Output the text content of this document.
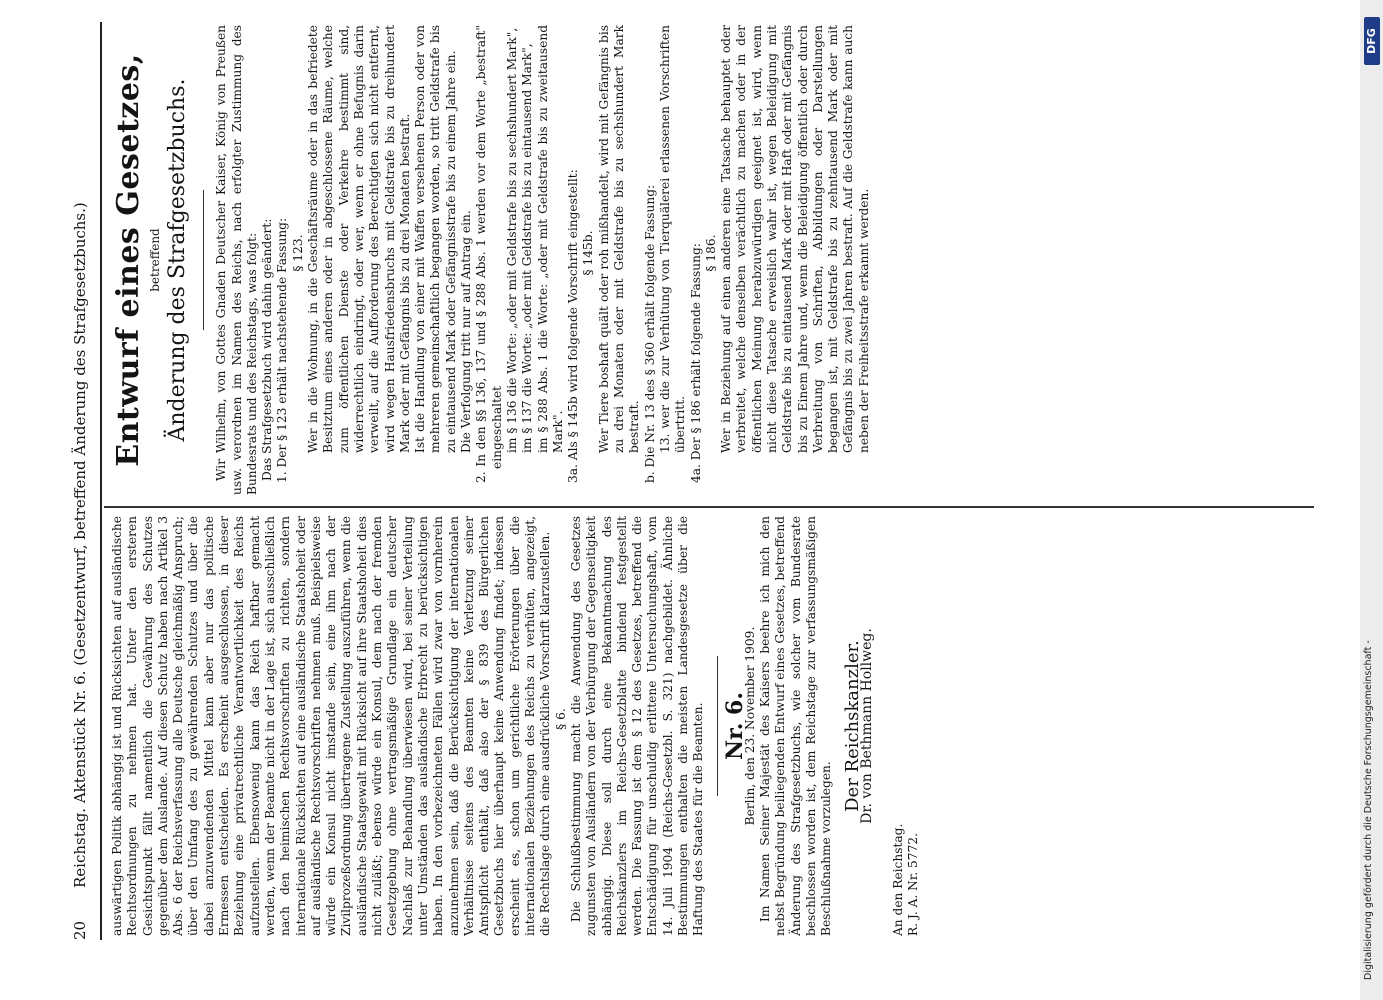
20
Reichstag. Aktenstück Nr. 6. (Gesetzentwurf, betreffend Änderung des Strafgesetzbuchs.) auswärtigen Politik abhängig ist und Rücksichten auf ausländische Rechtsordnungen zu nehmen hat. Unter den ersteren Gesichtspunkt fällt namentlich die Gewährung des Schutzes gegenüber dem Auslande. Auf diesen Schutz haben nach Artikel 3 Abs. 6 der Reichsverfassung alle Deutsche gleichmäßig Anspruch; über den Umfang des zu gewährenden Schutzes und über die dabei anzuwendenden Mittel kann aber nur das politische Ermessen entscheiden. Es erscheint ausgeschlossen, in dieser Beziehung eine privatrechtliche Verantwortlichkeit des Reichs aufzustellen. Ebensowenig kann das Reich haftbar gemacht werden, wenn der Beamte nicht in der Lage ist, sich ausschließlich nach den heimischen Rechtsvorschriften zu richten, sondern internationale Rücksichten auf eine ausländische Staatshoheit oder auf ausländische Rechtsvorschriften nehmen muß. Beispielsweise würde ein Konsul nicht imstande sein, eine ihm nach der Zivilprozeßordnung übertragene Zustellung auszuführen, wenn die ausländische Staatsgewalt mit Rücksicht auf ihre Staatshoheit dies nicht zuläßt; ebenso würde ein Konsul, dem nach der fremden Gesetzgebung ohne vertragsmäßige Grundlage ein deutscher Nachlaß zur Behandlung überwiesen wird, bei seiner Verteilung unter Umständen das ausländische Erbrecht zu berücksichtigen haben. In den vorbezeichneten Fällen wird zwar von vornherein anzunehmen sein, daß die Berücksichtigung der internationalen Verhältnisse seitens des Beamten keine Verletzung seiner Amtspflicht enthält, daß also der § 839 des Bürgerlichen Gesetzbuchs hier überhaupt keine Anwendung findet; indessen erscheint es, schon um gerichtliche Erörterungen über die internationalen Beziehungen des Reichs zu verhüten, angezeigt, die Rechtslage durch eine ausdrückliche Vorschrift klarzustellen. § 6. Die Schlußbestimmung macht die Anwendung des Gesetzes zugunsten von Ausländern von der Verbürgung der Gegenseitigkeit abhängig. Diese soll durch eine Bekanntmachung des Reichskanzlers im Reichs-Gesetzblatte bindend festgestellt werden. Die Fassung ist dem § 12 des Gesetzes, betreffend die Entschädigung für unschuldig erlittene Untersuchungshaft, vom 14. Juli 1904 (Reichs-Gesetzbl. S. 321) nachgebildet. Ähnliche Bestimmungen enthalten die meisten Landesgesetze über die Haftung des Staates für die Beamten. Nr. 6.

Berlin, den 23. November 1909. Im Namen Seiner Majestät des Kaisers beehre ich mich den nebst Begründung beiliegenden Entwurf eines Gesetzes, betreffend Änderung des Strafgesetzbuchs, wie solcher vom Bundesrate beschlossen worden ist, dem Reichstage zur verfassungsmäßigen Beschlußnahme vorzulegen.

Der Reichskanzler.
Dr. von Bethmann Hollweg.
An den Reichstag. R. J. A. Nr. 5772.
Entwurf eines Gesetzes, betreffend Änderung des Strafgesetzbuchs. Wir Wilhelm, von Gottes Gnaden Deutscher Kaiser, König von Preußen usw. verordnen im Namen des Reichs, nach erfolgter Zustimmung des Bundesrats und des Reichstags, was folgt: Das Strafgesetzbuch wird dahin geändert: 1. Der § 123 erhält nachstehende Fassung: § 123. Wer in die Wohnung, in die Geschäftsräume oder in das befriedete Besitztum eines anderen oder in abgeschlossene Räume, welche zum öffentlichen Dienste oder Verkehre bestimmt sind, widerrechtlich eindringt, oder wer, wenn er ohne Befugnis darin verweilt, auf die Aufforderung des Berechtigten sich nicht entfernt, wird wegen Hausfriedensbruchs mit Geldstrafe bis zu dreihundert Mark oder mit Gefängnis bis zu drei Monaten bestraft. Ist die Handlung von einer mit Waffen versehenen Person oder von mehreren gemeinschaftlich begangen worden, so tritt Geldstrafe bis zu eintausend Mark oder Gefängnisstrafe bis zu einem Jahre ein. Die Verfolgung tritt nur auf Antrag ein. 2. In den §§ 136, 137 und § 288 Abs. 1 werden vor dem Worte „bestraft" eingeschaltet im § 136 die Worte: „oder mit Geldstrafe bis zu sechshundert Mark", im § 137 die Worte: „oder mit Geldstrafe bis zu eintausend Mark", im § 288 Abs. 1 die Worte: „oder mit Geldstrafe bis zu zweitausend Mark". 3a. Als § 145b wird folgende Vorschrift eingestellt: § 145b. Wer Tiere boshaft quält oder roh mißhandelt, wird mit Gefängnis bis zu drei Monaten oder mit Geldstrafe bis zu sechshundert Mark bestraft. b. Die Nr. 13 des § 360 erhält folgende Fassung: 13. wer die zur Verhütung von Tierquälerei erlassenen Vorschriften übertritt. 4a. Der § 186 erhält folgende Fassung: § 186. Wer in Beziehung auf einen anderen eine Tatsache behauptet oder verbreitet, welche denselben verächtlich zu machen oder in der öffentlichen Meinung herabzuwürdigen geeignet ist, wird, wenn nicht diese Tatsache erweislich wahr ist, wegen Beleidigung mit Geldstrafe bis zu eintausend Mark oder mit Haft oder mit Gefängnis bis zu Einem Jahre und, wenn die Beleidigung öffentlich oder durch Verbreitung von Schriften, Abbildungen oder Darstellungen begangen ist, mit Geldstrafe bis zu zehntausend Mark oder mit Gefängnis bis zu zwei Jahren bestraft. Auf die Geldstrafe kann auch neben der Freiheitsstrafe erkannt werden.

Digitalisierung gefördert durch die Deutsche Forschungsgemeinschaft -
DFG
